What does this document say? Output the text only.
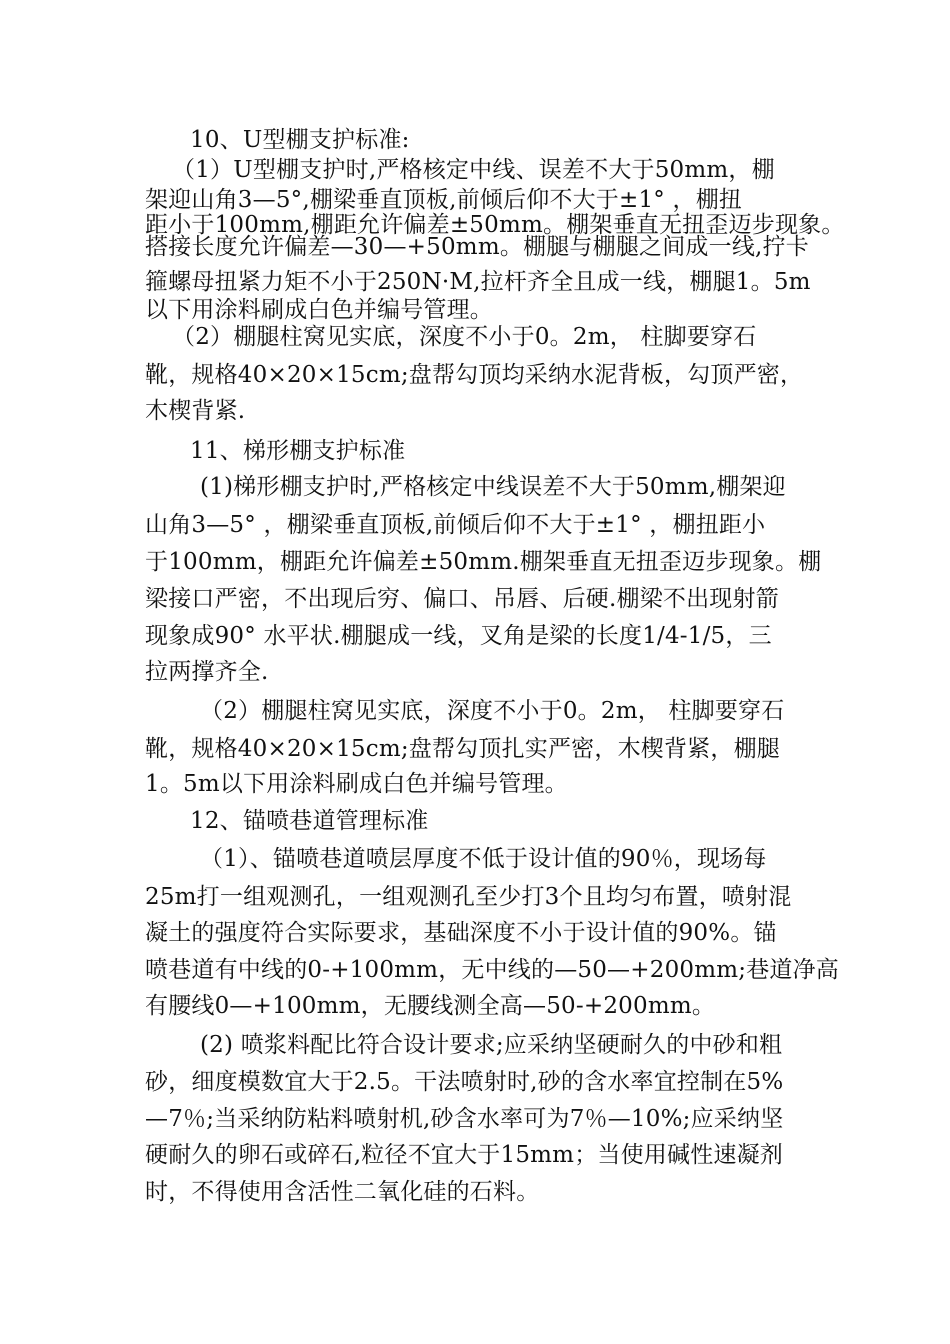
10、U型棚支护标准:
（1）U型棚支护时,严格核定中线、误差不大于50mm，棚
架迎山角3—5°,棚梁垂直顶板,前倾后仰不大于±1° ，棚扭
距小于100mm,棚距允许偏差±50mm。棚架垂直无扭歪迈步现象。
搭接长度允许偏差—30—+50mm。棚腿与棚腿之间成一线,拧卡
箍螺母扭紧力矩不小于250N·M,拉杆齐全且成一线，棚腿1。5m
以下用涂料刷成白色并编号管理。
（2）棚腿柱窝见实底，深度不小于0。2m， 柱脚要穿石
靴，规格40×20×15cm;盘帮勾顶均采纳水泥背板，勾顶严密，
木楔背紧.
11、梯形棚支护标准
(1)梯形棚支护时,严格核定中线误差不大于50mm,棚架迎
山角3—5° ，棚梁垂直顶板,前倾后仰不大于±1° ，棚扭距小
于100mm，棚距允许偏差±50mm.棚架垂直无扭歪迈步现象。棚
梁接口严密，不出现后穷、偏口、吊唇、后硬.棚梁不出现射箭
现象成90° 水平状.棚腿成一线，叉角是梁的长度1/4-1/5，三
拉两撑齐全.
（2）棚腿柱窝见实底，深度不小于0。2m， 柱脚要穿石
靴，规格40×20×15cm;盘帮勾顶扎实严密，木楔背紧，棚腿
1。5m以下用涂料刷成白色并编号管理。
12、锚喷巷道管理标准
（1）、锚喷巷道喷层厚度不低于设计值的90％，现场每
25m打一组观测孔，一组观测孔至少打3个且均匀布置，喷射混
凝土的强度符合实际要求，基础深度不小于设计值的90%。锚
喷巷道有中线的0-+100mm，无中线的—50—+200mm;巷道净高
有腰线0—+100mm，无腰线测全高—50-+200mm。
(2) 喷浆料配比符合设计要求;应采纳坚硬耐久的中砂和粗
砂，细度模数宜大于2.5。干法喷射时,砂的含水率宜控制在5%
—7％;当采纳防粘料喷射机,砂含水率可为7％—10%;应采纳坚
硬耐久的卵石或碎石,粒径不宜大于15mm；当使用碱性速凝剂
时，不得使用含活性二氧化硅的石料。
